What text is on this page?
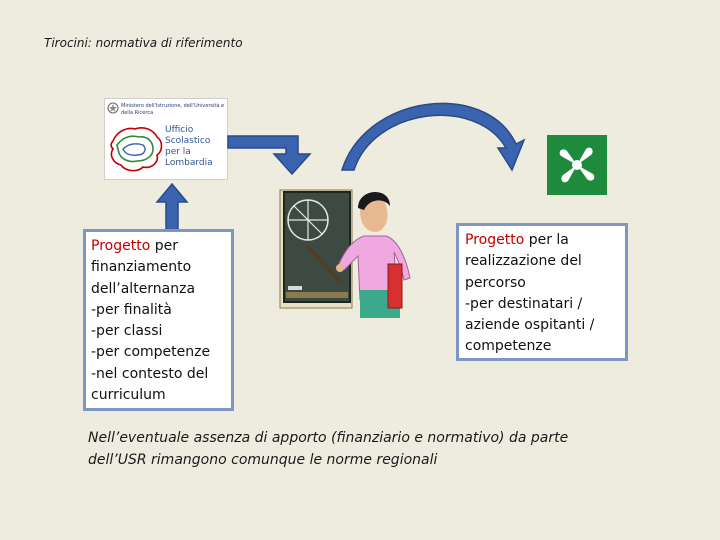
Tirocini: normativa di riferimento
Ministero dell'Istruzione, dell'Università e della Ricerca
Ufficio
Scolastico
per la
Lombardia
Progetto per
finanziamento
dell’alternanza
-per finalità
-per classi
-per competenze
-nel contesto del
curriculum
Progetto per la
realizzazione del
percorso
-per destinatari /
aziende ospitanti /
competenze
Nell’eventuale assenza di apporto (finanziario e normativo) da parte
dell’USR rimangono comunque le norme regionali
